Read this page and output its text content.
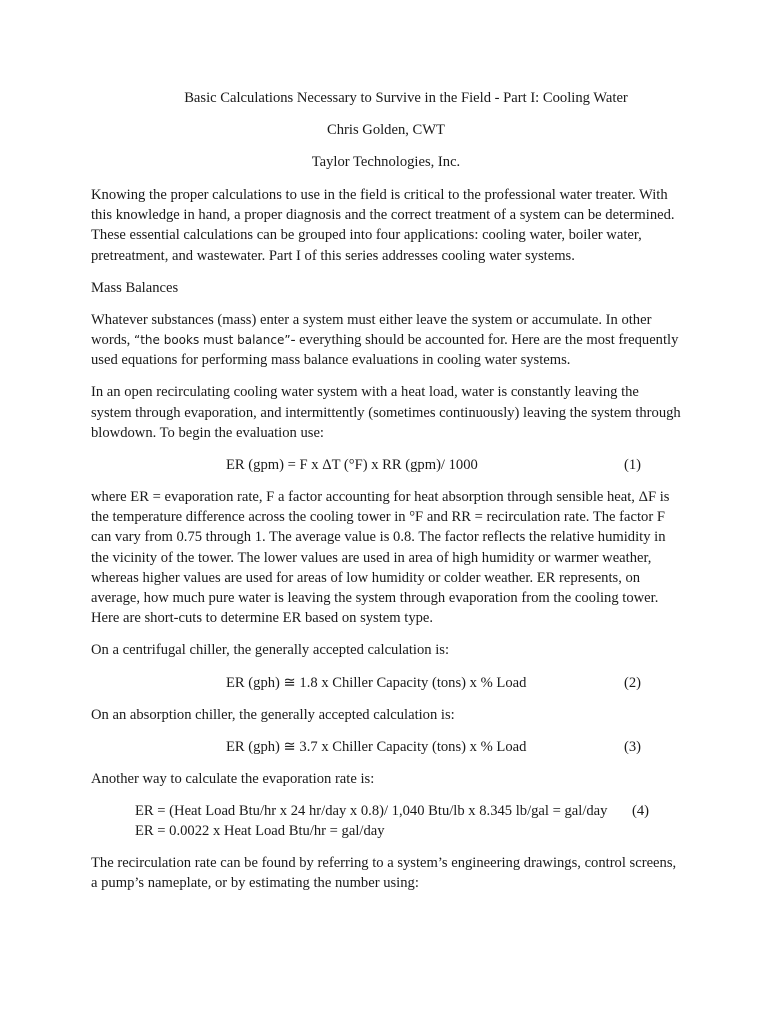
Basic Calculations Necessary to Survive in the Field - Part I: Cooling Water

Chris Golden, CWT

Taylor Technologies, Inc.

Knowing the proper calculations to use in the field is critical to the professional water treater. With this knowledge in hand, a proper diagnosis and the correct treatment of a system can be determined. These essential calculations can be grouped into four applications: cooling water, boiler water, pretreatment, and wastewater. Part I of this series addresses cooling water systems.

Mass Balances

Whatever substances (mass) enter a system must either leave the system or accumulate. In other words, “the books must balance”- everything should be accounted for. Here are the most frequently used equations for performing mass balance evaluations in cooling water systems.

In an open recirculating cooling water system with a heat load, water is constantly leaving the system through evaporation, and intermittently (sometimes continuously) leaving the system through blowdown. To begin the evaluation use:

ER (gpm) = F x ΔT (°F) x RR (gpm)/ 1000	(1)

where ER = evaporation rate, F a factor accounting for heat absorption through sensible heat, ΔF is the temperature difference across the cooling tower in °F and RR = recirculation rate. The factor F can vary from 0.75 through 1. The average value is 0.8. The factor reflects the relative humidity in the vicinity of the tower. The lower values are used in area of high humidity or warmer weather, whereas higher values are used for areas of low humidity or colder weather. ER represents, on average, how much pure water is leaving the system through evaporation from the cooling tower. Here are short-cuts to determine ER based on system type.

On a centrifugal chiller, the generally accepted calculation is:

ER (gph) ≅ 1.8 x Chiller Capacity (tons) x % Load	(2)

On an absorption chiller, the generally accepted calculation is:

ER (gph) ≅ 3.7 x Chiller Capacity (tons) x % Load	(3)

Another way to calculate the evaporation rate is:

ER = (Heat Load Btu/hr x 24 hr/day x 0.8)/ 1,040 Btu/lb x 8.345 lb/gal = gal/day (4)
ER = 0.0022 x Heat Load Btu/hr = gal/day

The recirculation rate can be found by referring to a system’s engineering drawings, control screens, a pump’s nameplate, or by estimating the number using:
